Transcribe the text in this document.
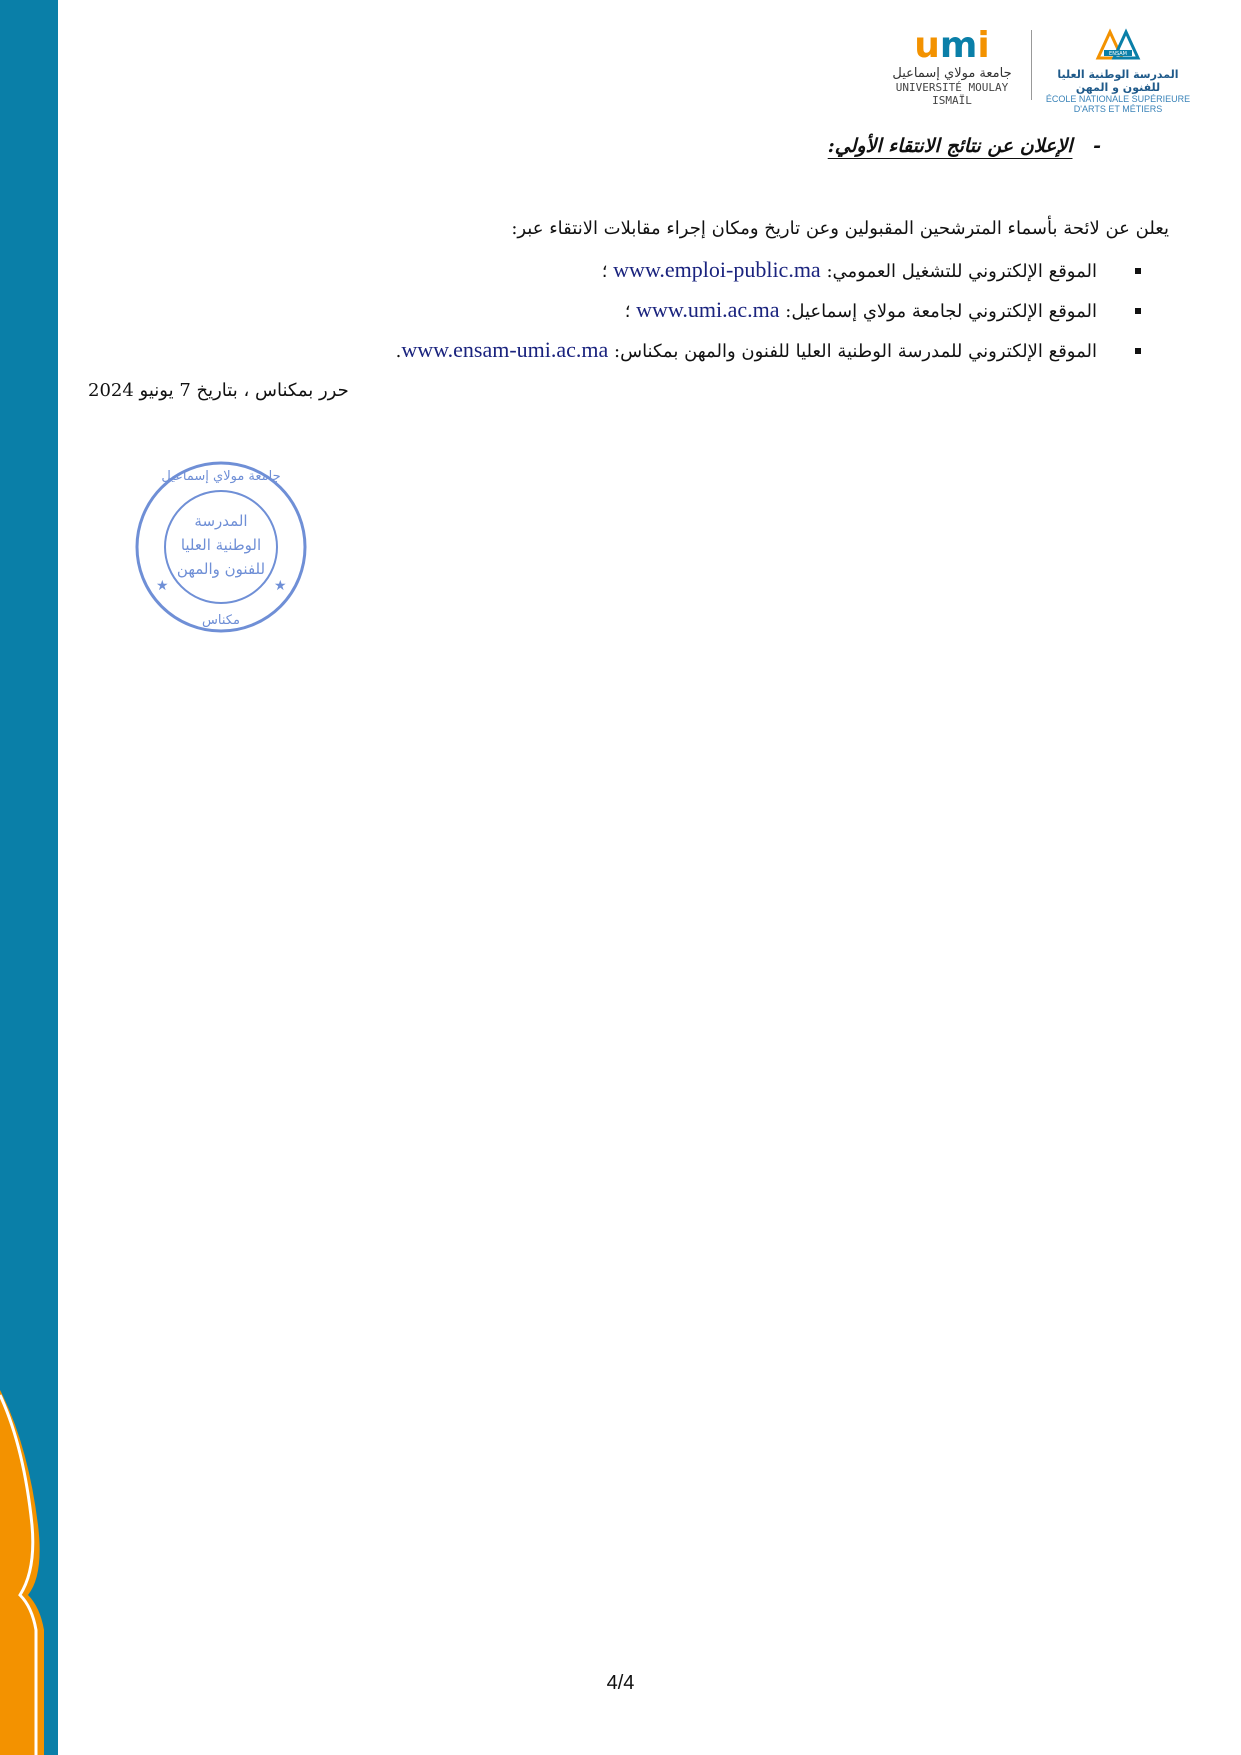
umi
جامعة مولاي إسماعيل
UNIVERSITÉ MOULAY ISMAÏL
ENSAM
المدرسة الوطنية العليا للفنون و المهن
ÉCOLE NATIONALE SUPÉRIEURE D'ARTS ET MÉTIERS
- الإعلان عن نتائج الانتقاء الأولي:
يعلن عن لائحة بأسماء المترشحين المقبولين وعن تاريخ ومكان إجراء مقابلات الانتقاء عبر:
الموقع الإلكتروني للتشغيل العمومي: www.emploi-public.ma ؛
الموقع الإلكتروني لجامعة مولاي إسماعيل: www.umi.ac.ma ؛
الموقع الإلكتروني للمدرسة الوطنية العليا للفنون والمهن بمكناس: www.ensam-umi.ac.ma.
حرر بمكناس ، بتاريخ 7 يونيو 2024
جامعة مولاي إسماعيل
المدرسة
الوطنية العليا
للفنون والمهن
مكناس
★	★
4/4
